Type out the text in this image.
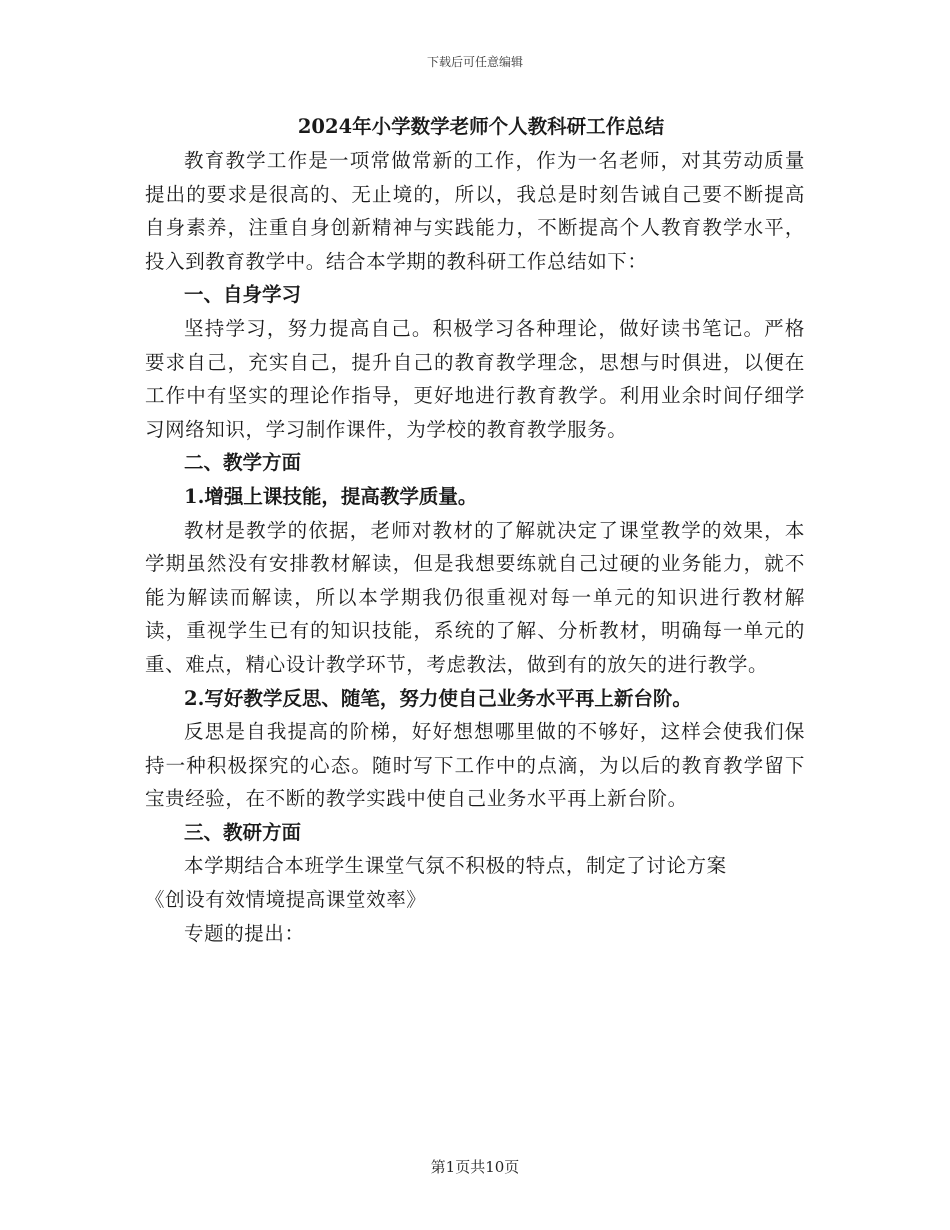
下载后可任意编辑
2024年小学数学老师个人教科研工作总结

教育教学工作是一项常做常新的工作，作为一名老师，对其劳动质量提出的要求是很高的、无止境的，所以，我总是时刻告诫自己要不断提高自身素养，注重自身创新精神与实践能力，不断提高个人教育教学水平，投入到教育教学中。结合本学期的教科研工作总结如下：

一、自身学习

坚持学习，努力提高自己。积极学习各种理论，做好读书笔记。严格要求自己，充实自己，提升自己的教育教学理念，思想与时俱进，以便在工作中有坚实的理论作指导，更好地进行教育教学。利用业余时间仔细学习网络知识，学习制作课件，为学校的教育教学服务。

二、教学方面

1.增强上课技能，提高教学质量。

教材是教学的依据，老师对教材的了解就决定了课堂教学的效果，本学期虽然没有安排教材解读，但是我想要练就自己过硬的业务能力，就不能为解读而解读，所以本学期我仍很重视对每一单元的知识进行教材解读，重视学生已有的知识技能，系统的了解、分析教材，明确每一单元的重、难点，精心设计教学环节，考虑教法，做到有的放矢的进行教学。

2.写好教学反思、随笔，努力使自己业务水平再上新台阶。

反思是自我提高的阶梯，好好想想哪里做的不够好，这样会使我们保持一种积极探究的心态。随时写下工作中的点滴，为以后的教育教学留下宝贵经验，在不断的教学实践中使自己业务水平再上新台阶。

三、教研方面

本学期结合本班学生课堂气氛不积极的特点，制定了讨论方案

《创设有效情境提高课堂效率》

专题的提出：

第1页共10页
